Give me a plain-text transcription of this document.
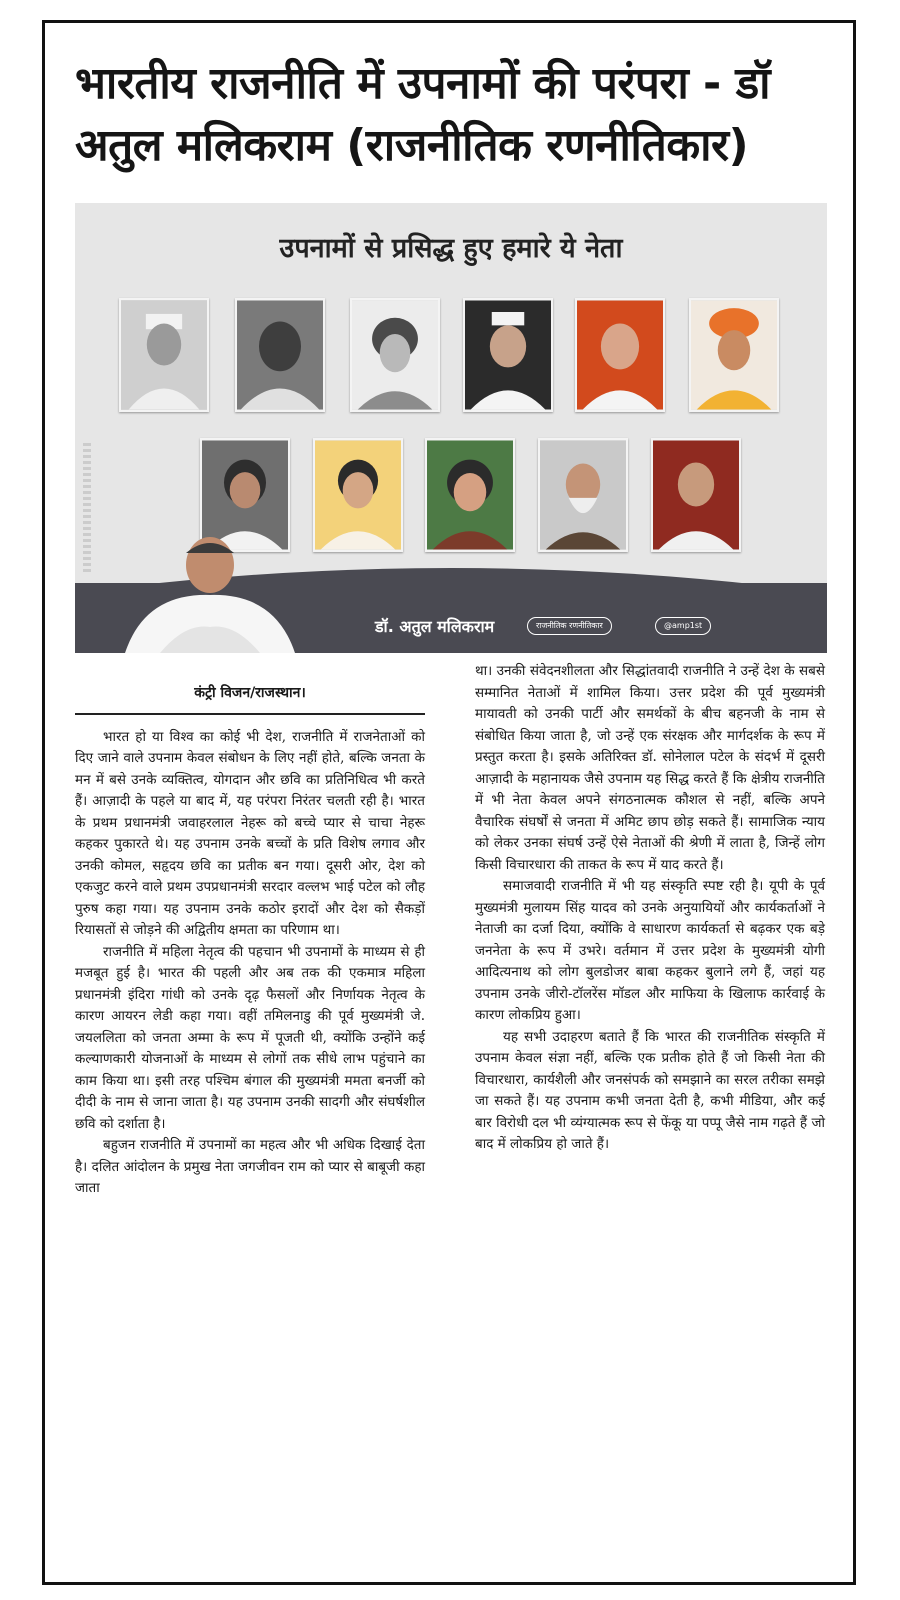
भारतीय राजनीति में उपनामों की परंपरा - डॉ अतुल मलिकराम (राजनीतिक रणनीतिकार)
उपनामों से प्रसिद्ध हुए हमारे ये नेता
डॉ. अतुल मलिकराम	राजनीतिक रणनीतिकार	@amp1st
कंट्री विजन/राजस्थान।

भारत हो या विश्व का कोई भी देश, राजनीति में राजनेताओं को दिए जाने वाले उपनाम केवल संबोधन के लिए नहीं होते, बल्कि जनता के मन में बसे उनके व्यक्तित्व, योगदान और छवि का प्रतिनिधित्व भी करते हैं। आज़ादी के पहले या बाद में, यह परंपरा निरंतर चलती रही है। भारत के प्रथम प्रधानमंत्री जवाहरलाल नेहरू को बच्चे प्यार से चाचा नेहरू कहकर पुकारते थे। यह उपनाम उनके बच्चों के प्रति विशेष लगाव और उनकी कोमल, सहृदय छवि का प्रतीक बन गया। दूसरी ओर, देश को एकजुट करने वाले प्रथम उपप्रधानमंत्री सरदार वल्लभ भाई पटेल को लौह पुरुष कहा गया। यह उपनाम उनके कठोर इरादों और देश को सैकड़ों रियासतों से जोड़ने की अद्वितीय क्षमता का परिणाम था।

राजनीति में महिला नेतृत्व की पहचान भी उपनामों के माध्यम से ही मजबूत हुई है। भारत की पहली और अब तक की एकमात्र महिला प्रधानमंत्री इंदिरा गांधी को उनके दृढ़ फैसलों और निर्णायक नेतृत्व के कारण आयरन लेडी कहा गया। वहीं तमिलनाडु की पूर्व मुख्यमंत्री जे. जयललिता को जनता अम्मा के रूप में पूजती थी, क्योंकि उन्होंने कई कल्याणकारी योजनाओं के माध्यम से लोगों तक सीधे लाभ पहुंचाने का काम किया था। इसी तरह पश्चिम बंगाल की मुख्यमंत्री ममता बनर्जी को दीदी के नाम से जाना जाता है। यह उपनाम उनकी सादगी और संघर्षशील छवि को दर्शाता है।

बहुजन राजनीति में उपनामों का महत्व और भी अधिक दिखाई देता है। दलित आंदोलन के प्रमुख नेता जगजीवन राम को प्यार से बाबूजी कहा जाता

था। उनकी संवेदनशीलता और सिद्धांतवादी राजनीति ने उन्हें देश के सबसे सम्मानित नेताओं में शामिल किया। उत्तर प्रदेश की पूर्व मुख्यमंत्री मायावती को उनकी पार्टी और समर्थकों के बीच बहनजी के नाम से संबोधित किया जाता है, जो उन्हें एक संरक्षक और मार्गदर्शक के रूप में प्रस्तुत करता है। इसके अतिरिक्त डॉ. सोनेलाल पटेल के संदर्भ में दूसरी आज़ादी के महानायक जैसे उपनाम यह सिद्ध करते हैं कि क्षेत्रीय राजनीति में भी नेता केवल अपने संगठनात्मक कौशल से नहीं, बल्कि अपने वैचारिक संघर्षों से जनता में अमिट छाप छोड़ सकते हैं। सामाजिक न्याय को लेकर उनका संघर्ष उन्हें ऐसे नेताओं की श्रेणी में लाता है, जिन्हें लोग किसी विचारधारा की ताकत के रूप में याद करते हैं।

समाजवादी राजनीति में भी यह संस्कृति स्पष्ट रही है। यूपी के पूर्व मुख्यमंत्री मुलायम सिंह यादव को उनके अनुयायियों और कार्यकर्ताओं ने नेताजी का दर्जा दिया, क्योंकि वे साधारण कार्यकर्ता से बढ़कर एक बड़े जननेता के रूप में उभरे। वर्तमान में उत्तर प्रदेश के मुख्यमंत्री योगी आदित्यनाथ को लोग बुलडोजर बाबा कहकर बुलाने लगे हैं, जहां यह उपनाम उनके जीरो-टॉलरेंस मॉडल और माफिया के खिलाफ कार्रवाई के कारण लोकप्रिय हुआ।

यह सभी उदाहरण बताते हैं कि भारत की राजनीतिक संस्कृति में उपनाम केवल संज्ञा नहीं, बल्कि एक प्रतीक होते हैं जो किसी नेता की विचारधारा, कार्यशैली और जनसंपर्क को समझाने का सरल तरीका समझे जा सकते हैं। यह उपनाम कभी जनता देती है, कभी मीडिया, और कई बार विरोधी दल भी व्यंग्यात्मक रूप से फेंकू या पप्पू जैसे नाम गढ़ते हैं जो बाद में लोकप्रिय हो जाते हैं।
